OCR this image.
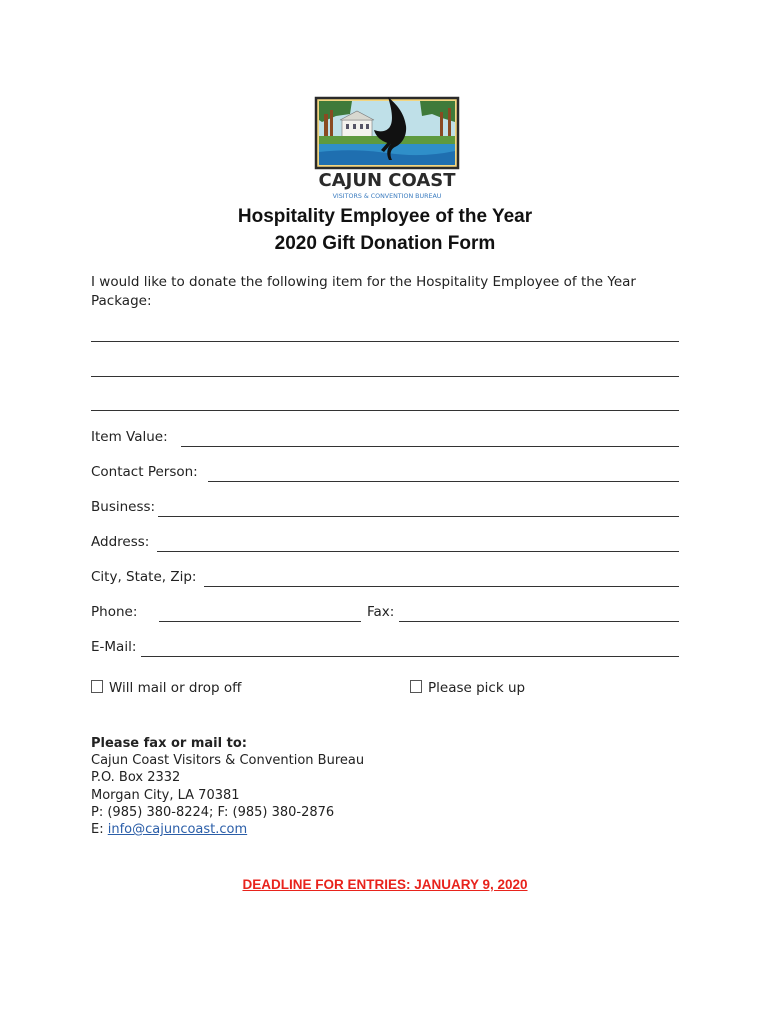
CAJUN COAST
VISITORS & CONVENTION BUREAU
Hospitality Employee of the Year
2020 Gift Donation Form
I would like to donate the following item for the Hospitality Employee of the Year Package:
Item Value:
Contact Person:
Business:
Address:
City, State, Zip:
Phone:	Fax:
E-Mail:
Will mail or drop off	Please pick up
Please fax or mail to:
Cajun Coast Visitors & Convention Bureau
P.O. Box 2332
Morgan City, LA 70381
P: (985) 380-8224; F: (985) 380-2876
E: info@cajuncoast.com
DEADLINE FOR ENTRIES: JANUARY 9, 2020
